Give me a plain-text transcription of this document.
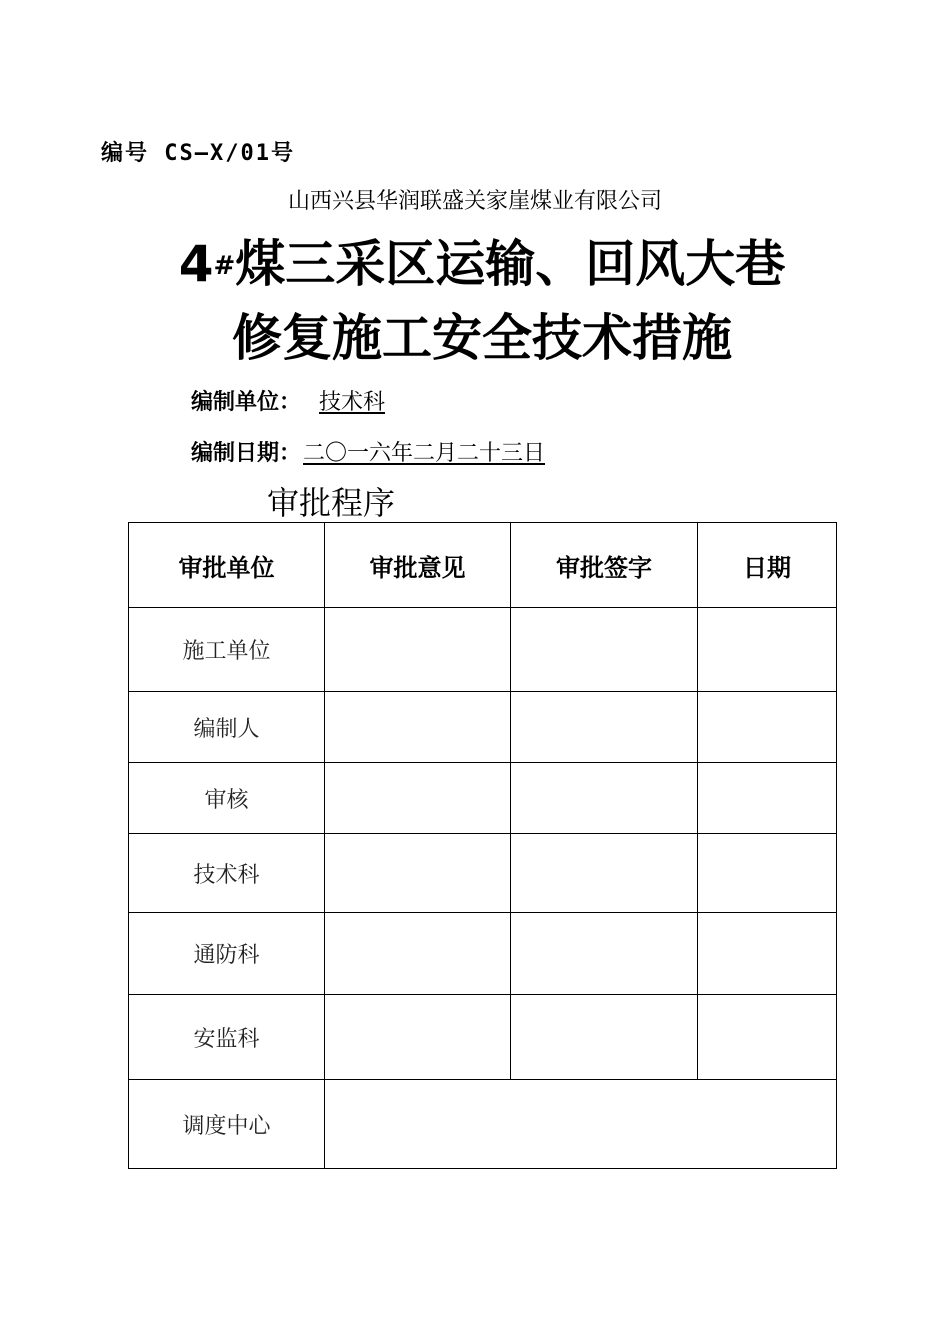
编号 CS—X/01号
山西兴县华润联盛关家崖煤业有限公司
4#煤三采区运输、回风大巷
修复施工安全技术措施
编制单位： 技术科
编制日期：二〇一六年二月二十三日
审批程序
审批单位	审批意见	审批签字	日期
施工单位			
编制人			
审核			
技术科			
通防科			
安监科			
调度中心			
